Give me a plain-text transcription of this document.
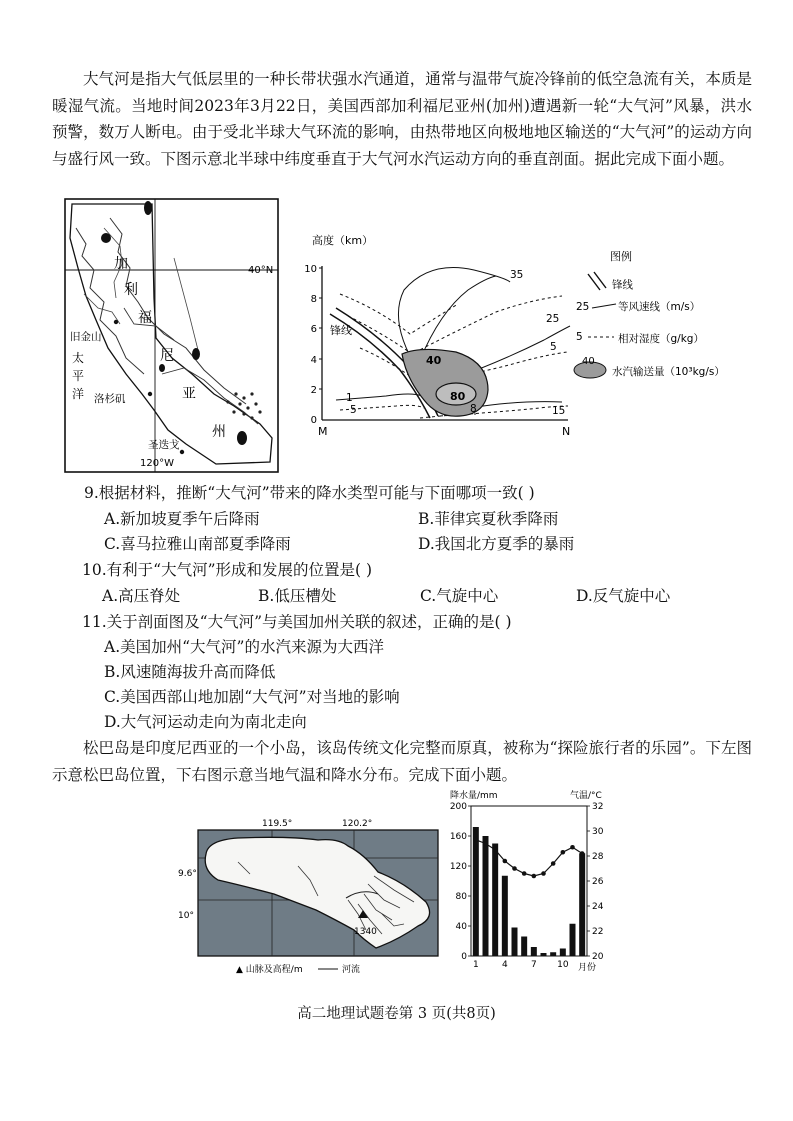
大气河是指大气低层里的一种长带状强水汽通道，通常与温带气旋冷锋前的低空急流有关，本质是暖湿气流。当地时间2023年3月22日，美国西部加利福尼亚州(加州)遭遇新一轮“大气河”风暴，洪水预警，数万人断电。由于受北半球大气环流的影响，由热带地区向极地地区输送的“大气河”的运动方向与盛行风一致。下图示意北半球中纬度垂直于大气河水汽运动方向的垂直剖面。据此完成下面小题。

40°N
120°W
加
利
福
尼
亚
州
太
平
洋
旧金山
洛杉矶
圣迭戈
高度（km）
10
8
6
4
2
0
M	N
锋线
35
25
15
5
1
5
8
40
80
图例
锋线
25	等风速线（m/s）
5	相对湿度（g/kg）
40
水汽输送量（10³kg/s）

9.根据材料，推断“大气河”带来的降水类型可能与下面哪项一致( )

A.新加坡夏季午后降雨	B.菲律宾夏秋季降雨
C.喜马拉雅山南部夏季降雨	D.我国北方夏季的暴雨

10.有利于“大气河”形成和发展的位置是( )

A.高压脊处	B.低压槽处	C.气旋中心	D.反气旋中心

11.关于剖面图及“大气河”与美国加州关联的叙述，正确的是( )

A.美国加州“大气河”的水汽来源为大西洋
B.风速随海拔升高而降低
C.美国西部山地加剧“大气河”对当地的影响
D.大气河运动走向为南北走向

松巴岛是印度尼西亚的一个小岛，该岛传统文化完整而原真，被称为“探险旅行者的乐园”。下左图示意松巴岛位置，下右图示意当地气温和降水分布。完成下面小题。

1340
119.5°	120.2°
9.6°
10°
▲ 山脉及高程/m	河流
降水量/mm	气温/°C
200
160
120
80
40
0
32
30
28
26
24
22
20
1	4	7 10 月份
高二地理试题卷第 3 页(共8页)
